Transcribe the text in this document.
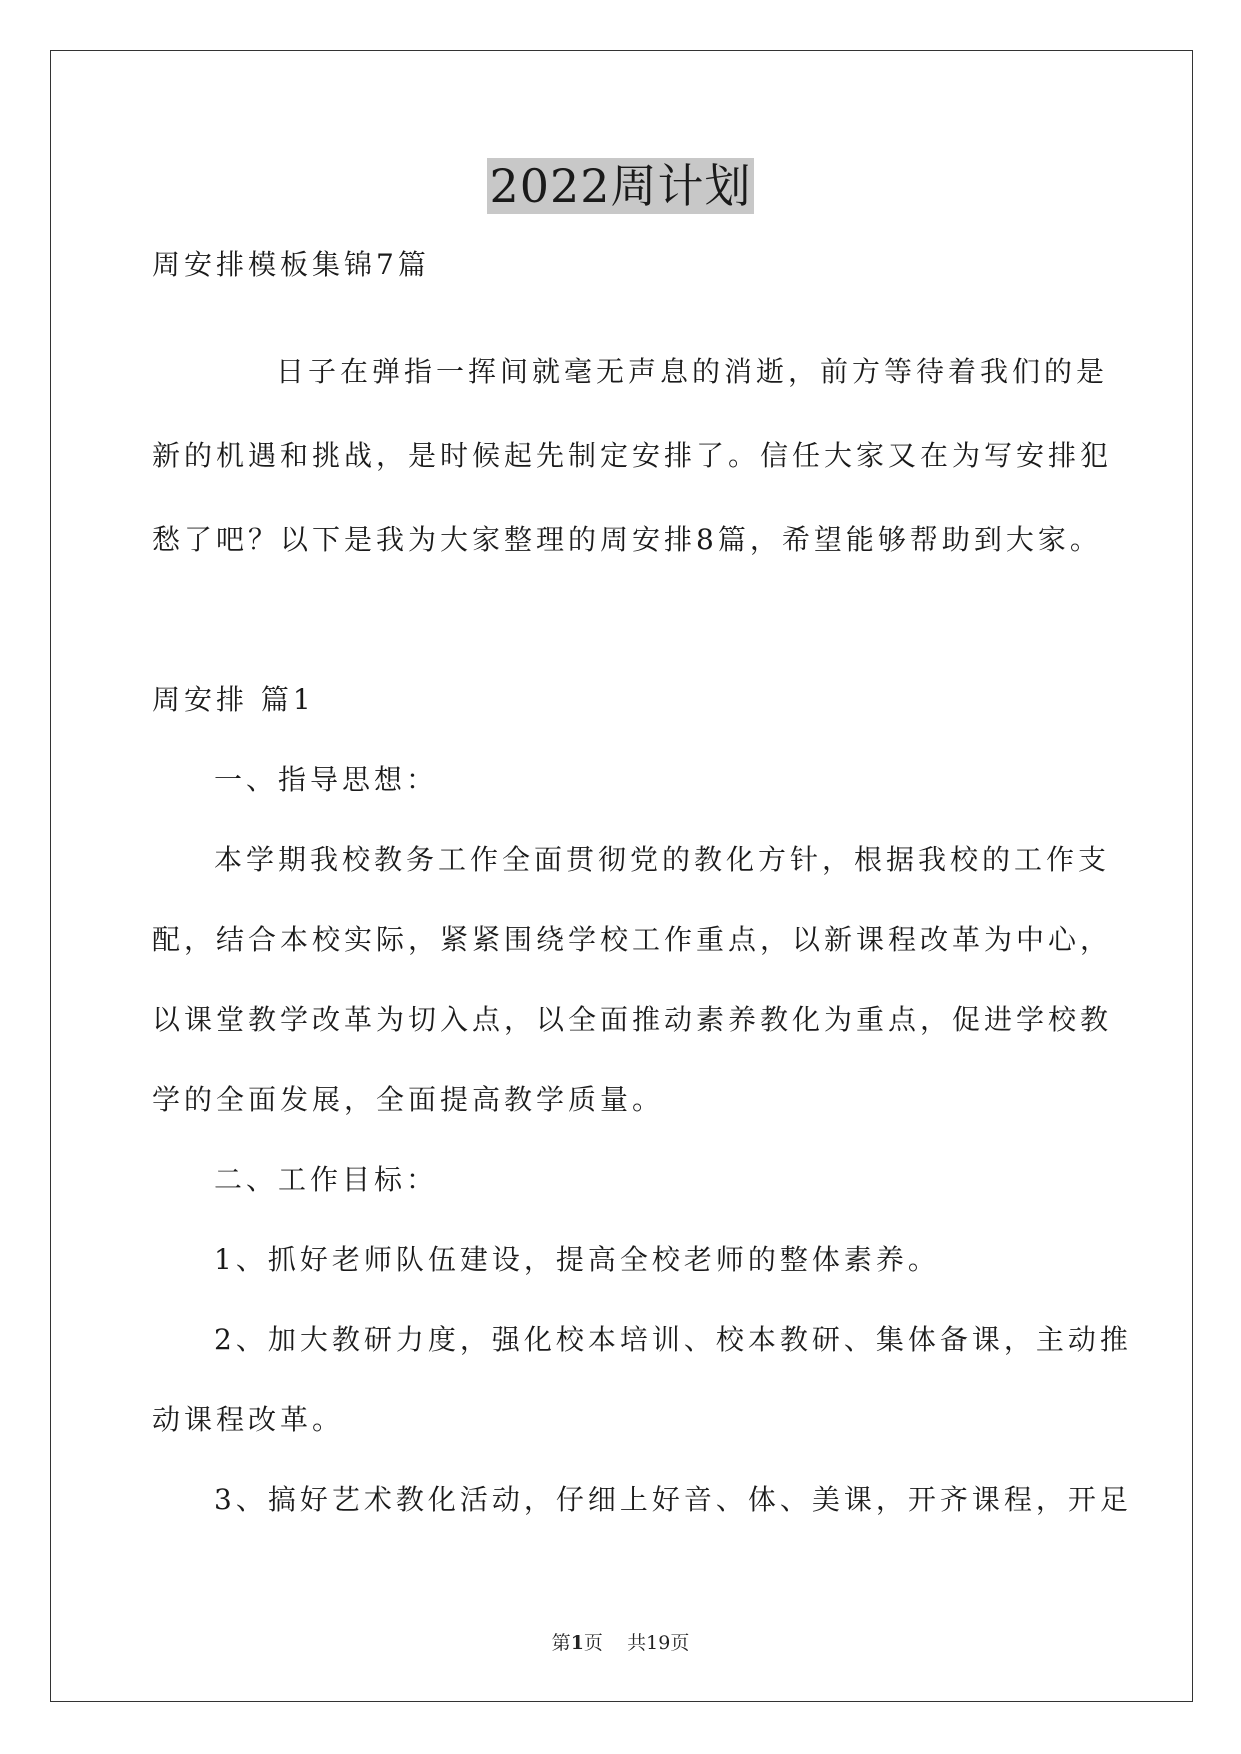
2022周计划
周安排模板集锦7篇
日子在弹指一挥间就毫无声息的消逝，前方等待着我们的是
新的机遇和挑战，是时候起先制定安排了。信任大家又在为写安排犯
愁了吧？以下是我为大家整理的周安排8篇，希望能够帮助到大家。
周安排 篇1
一、指导思想：
本学期我校教务工作全面贯彻党的教化方针，根据我校的工作支
配，结合本校实际，紧紧围绕学校工作重点，以新课程改革为中心，
以课堂教学改革为切入点，以全面推动素养教化为重点，促进学校教
学的全面发展，全面提高教学质量。
二、工作目标：
1、抓好老师队伍建设，提高全校老师的整体素养。
2、加大教研力度，强化校本培训、校本教研、集体备课，主动推
动课程改革。
3、搞好艺术教化活动，仔细上好音、体、美课，开齐课程，开足
第1页 共19页
